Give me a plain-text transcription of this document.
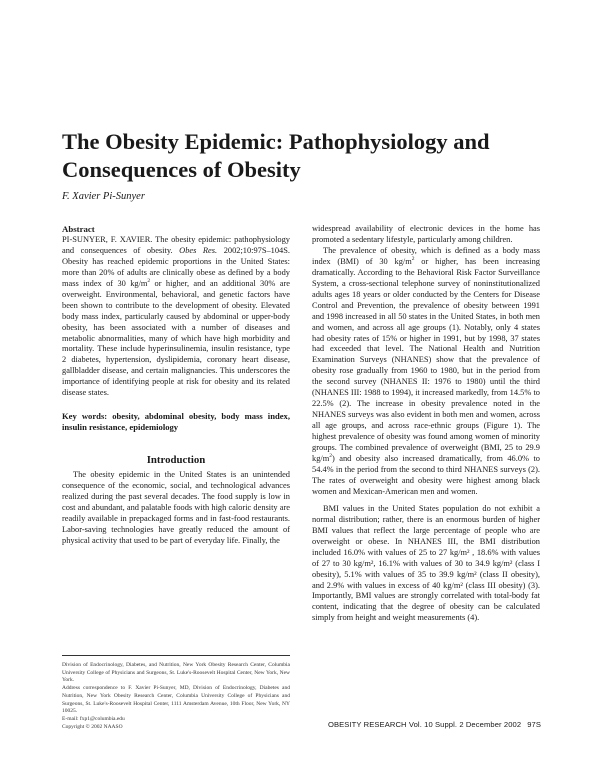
The Obesity Epidemic: Pathophysiology and Consequences of Obesity
F. Xavier Pi-Sunyer

Abstract

PI-SUNYER, F. XAVIER. The obesity epidemic: pathophysiology and consequences of obesity. Obes Res. 2002;10:97S–104S. Obesity has reached epidemic proportions in the United States: more than 20% of adults are clinically obese as defined by a body mass index of 30 $kg/m^2$ or higher, and an additional 30% are overweight. Environmental, behavioral, and genetic factors have been shown to contribute to the development of obesity. Elevated body mass index, particularly caused by abdominal or upper-body obesity, has been associated with a number of diseases and metabolic abnormalities, many of which have high morbidity and mortality. These include hyperinsulinemia, insulin resistance, type 2 diabetes, hypertension, dyslipidemia, coronary heart disease, gallbladder disease, and certain malignancies. This underscores the importance of identifying people at risk for obesity and its related disease states.

Key words: obesity, abdominal obesity, body mass index, insulin resistance, epidemiology

Introduction

The obesity epidemic in the United States is an unintended consequence of the economic, social, and technological advances realized during the past several decades. The food supply is low in cost and abundant, and palatable foods with high caloric density are readily available in prepackaged forms and in fast-food restaurants. Labor-saving technologies have greatly reduced the amount of physical activity that used to be part of everyday life. Finally, the

widespread availability of electronic devices in the home has promoted a sedentary lifestyle, particularly among children.

The prevalence of obesity, which is defined as a body mass index (BMI) of 30 $kg/m^2$ or higher, has been increasing dramatically. According to the Behavioral Risk Factor Surveillance System, a cross-sectional telephone survey of noninstitutionalized adults ages 18 years or older conducted by the Centers for Disease Control and Prevention, the prevalence of obesity between 1991 and 1998 increased in all 50 states in the United States, in both men and women, and across all age groups (1). Notably, only 4 states had obesity rates of 15% or higher in 1991, but by 1998, 37 states had exceeded that level. The National Health and Nutrition Examination Surveys (NHANES) show that the prevalence of obesity rose gradually from 1960 to 1980, but in the period from the second survey (NHANES II: 1976 to 1980) until the third (NHANES III: 1988 to 1994), it increased markedly, from 14.5% to 22.5% (2). The increase in obesity prevalence noted in the NHANES surveys was also evident in both men and women, across all age groups, and across race-ethnic groups (Figure 1). The highest prevalence of obesity was found among women of minority groups. The combined prevalence of overweight (BMI, 25 to 29.9 $kg/m^2$) and obesity also increased dramatically, from 46.0% to 54.4% in the period from the second to third NHANES surveys (2). The rates of overweight and obesity were highest among black women and Mexican-American men and women.

BMI values in the United States population do not exhibit a normal distribution; rather, there is an enormous burden of higher BMI values that reflect the large percentage of people who are overweight or obese. In NHANES III, the BMI distribution included 16.0% with values of 25 to 27 kg/m² , 18.6% with values of 27 to 30 kg/m², 16.1% with values of 30 to 34.9 kg/m² (class I obesity), 5.1% with values of 35 to 39.9 kg/m² (class II obesity), and 2.9% with values in excess of 40 kg/m² (class III obesity) (3). Importantly, BMI values are strongly correlated with total-body fat content, indicating that the degree of obesity can be calculated simply from height and weight measurements (4).

Division of Endocrinology, Diabetes, and Nutrition, New York Obesity Research Center, Columbia University College of Physicians and Surgeons, St. Luke's-Roosevelt Hospital Center, New York, New York.

Address correspondence to F. Xavier Pi-Sunyer, MD, Division of Endocrinology, Diabetes and Nutrition, New York Obesity Research Center, Columbia University College of Physicians and Surgeons, St. Luke's-Roosevelt Hospital Center, 1111 Amsterdam Avenue, 10th Floor, New York, NY 10025.

E-mail: fxp1@columbia.edu

Copyright © 2002 NAASO	OBESITY RESEARCH Vol. 10 Suppl. 2 December 2002 97S
